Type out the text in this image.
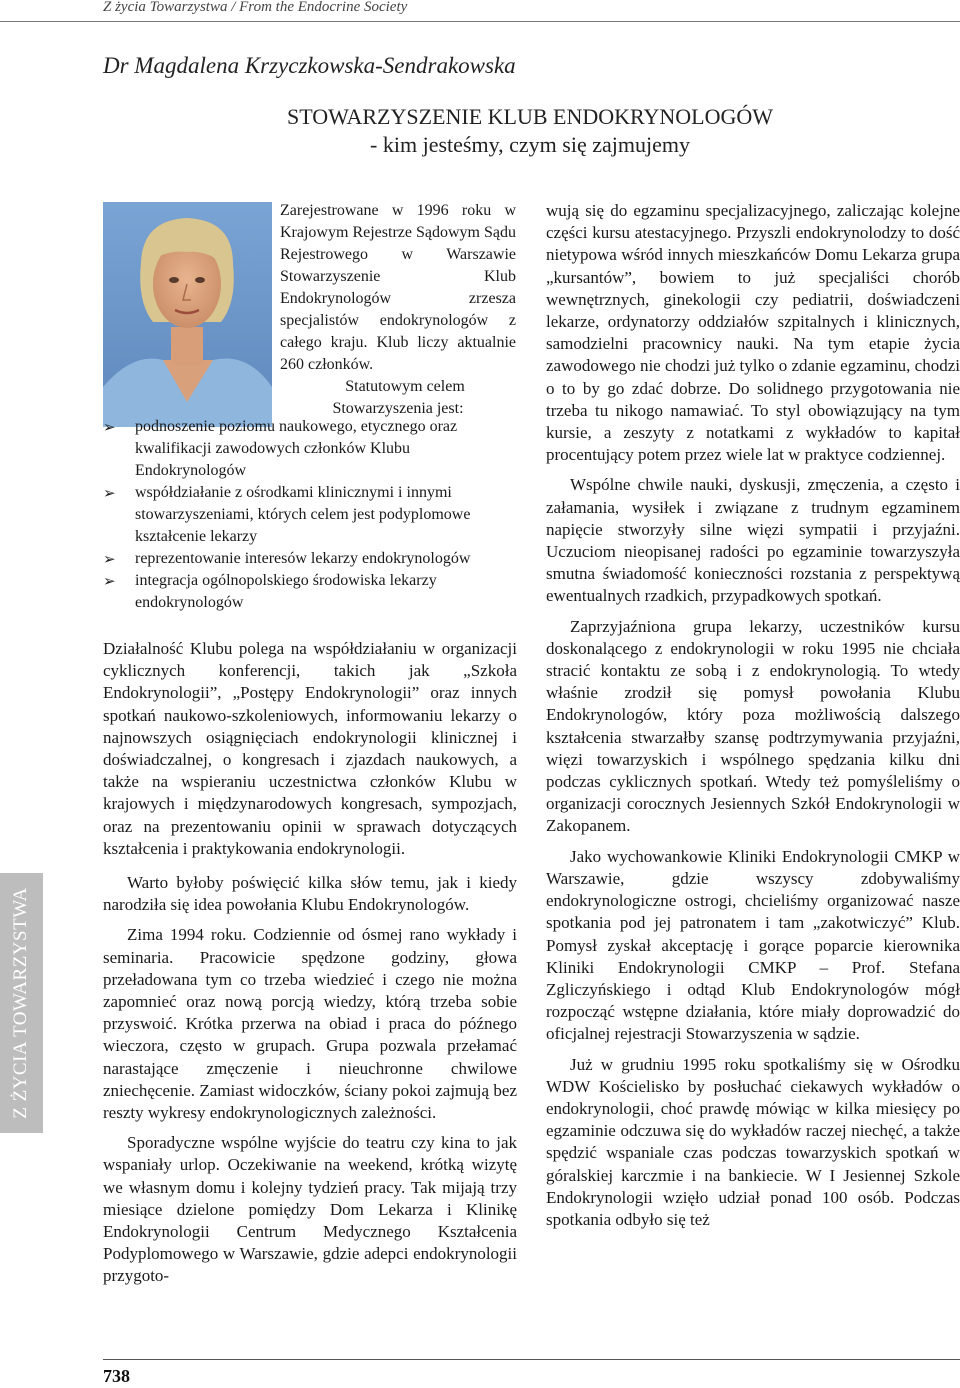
Z życia Towarzystwa / From the Endocrine Society
Dr Magdalena Krzyczkowska-Sendrakowska
STOWARZYSZENIE KLUB ENDOKRYNOLOGÓW
- kim jesteśmy, czym się zajmujemy

Zarejestrowane w 1996 roku w Krajowym Rejestrze Sądowym Sądu Rejestrowego w Warszawie Stowarzyszenie Klub Endokrynologów zrzesza specjalistów endokrynologów z całego kraju. Klub liczy aktualnie 260 członków.

Statutowym celem Stowarzyszenia jest:

➢ podnoszenie poziomu naukowego, etycznego oraz kwalifikacji zawodowych członków Klubu Endokrynologów
➢ współdziałanie z ośrodkami klinicznymi i innymi stowarzyszeniami, których celem jest podyplomowe kształcenie lekarzy
➢ reprezentowanie interesów lekarzy endokrynologów
➢ integracja ogólnopolskiego środowiska lekarzy endokrynologów

Działalność Klubu polega na współdziałaniu w organizacji cyklicznych konferencji, takich jak „Szkoła Endokrynologii”, „Postępy Endokrynologii” oraz innych spotkań naukowo-szkoleniowych, informowaniu lekarzy o najnowszych osiągnięciach endokrynologii klinicznej i doświadczalnej, o kongresach i zjazdach naukowych, a także na wspieraniu uczestnictwa członków Klubu w krajowych i międzynarodowych kongresach, sympozjach, oraz na prezentowaniu opinii w sprawach dotyczących kształcenia i praktykowania endokrynologii.

Warto byłoby poświęcić kilka słów temu, jak i kiedy narodziła się idea powołania Klubu Endokrynologów.

Zima 1994 roku. Codziennie od ósmej rano wykłady i seminaria. Pracowicie spędzone godziny, głowa przeładowana tym co trzeba wiedzieć i czego nie można zapomnieć oraz nową porcją wiedzy, którą trzeba sobie przyswoić. Krótka przerwa na obiad i praca do późnego wieczora, często w grupach. Grupa pozwala przełamać narastające zmęczenie i nieuchronne chwilowe zniechęcenie. Zamiast widoczków, ściany pokoi zajmują bez reszty wykresy endokrynologicznych zależności.

Sporadyczne wspólne wyjście do teatru czy kina to jak wspaniały urlop. Oczekiwanie na weekend, krótką wizytę we własnym domu i kolejny tydzień pracy. Tak mijają trzy miesiące dzielone pomiędzy Dom Lekarza i Klinikę Endokrynologii Centrum Medycznego Kształcenia Podyplomowego w Warszawie, gdzie adepci endokrynologii przygoto-

wują się do egzaminu specjalizacyjnego, zaliczając kolejne części kursu atestacyjnego. Przyszli endokrynolodzy to dość nietypowa wśród innych mieszkańców Domu Lekarza grupa „kursantów”, bowiem to już specjaliści chorób wewnętrznych, ginekologii czy pediatrii, doświadczeni lekarze, ordynatorzy oddziałów szpitalnych i klinicznych, samodzielni pracownicy nauki. Na tym etapie życia zawodowego nie chodzi już tylko o zdanie egzaminu, chodzi o to by go zdać dobrze. Do solidnego przygotowania nie trzeba tu nikogo namawiać. To styl obowiązujący na tym kursie, a zeszyty z notatkami z wykładów to kapitał procentujący potem przez wiele lat w praktyce codziennej.

Wspólne chwile nauki, dyskusji, zmęczenia, a często i załamania, wysiłek i związane z trudnym egzaminem napięcie stworzyły silne więzi sympatii i przyjaźni. Uczuciom nieopisanej radości po egzaminie towarzyszyła smutna świadomość konieczności rozstania z perspektywą ewentualnych rzadkich, przypadkowych spotkań.

Zaprzyjaźniona grupa lekarzy, uczestników kursu doskonalącego z endokrynologii w roku 1995 nie chciała stracić kontaktu ze sobą i z endokrynologią. To wtedy właśnie zrodził się pomysł powołania Klubu Endokrynologów, który poza możliwością dalszego kształcenia stwarzałby szansę podtrzymywania przyjaźni, więzi towarzyskich i wspólnego spędzania kilku dni podczas cyklicznych spotkań. Wtedy też pomyśleliśmy o organizacji corocznych Jesiennych Szkół Endokrynologii w Zakopanem.

Jako wychowankowie Kliniki Endokrynologii CMKP w Warszawie, gdzie wszyscy zdobywaliśmy endokrynologiczne ostrogi, chcieliśmy organizować nasze spotkania pod jej patronatem i tam „zakotwiczyć” Klub. Pomysł zyskał akceptację i gorące poparcie kierownika Kliniki Endokrynologii CMKP – Prof. Stefana Zgliczyńskiego i odtąd Klub Endokrynologów mógł rozpocząć wstępne działania, które miały doprowadzić do oficjalnej rejestracji Stowarzyszenia w sądzie.

Już w grudniu 1995 roku spotkaliśmy się w Ośrodku WDW Kościelisko by posłuchać ciekawych wykładów o endokrynologii, choć prawdę mówiąc w kilka miesięcy po egzaminie odczuwa się do wykładów raczej niechęć, a także spędzić wspaniale czas podczas towarzyskich spotkań w góralskiej karczmie i na bankiecie. W I Jesiennej Szkole Endokrynologii wzięło udział ponad 100 osób. Podczas spotkania odbyło się też

Z ŻYCIA TOWARZYSTWA
738
